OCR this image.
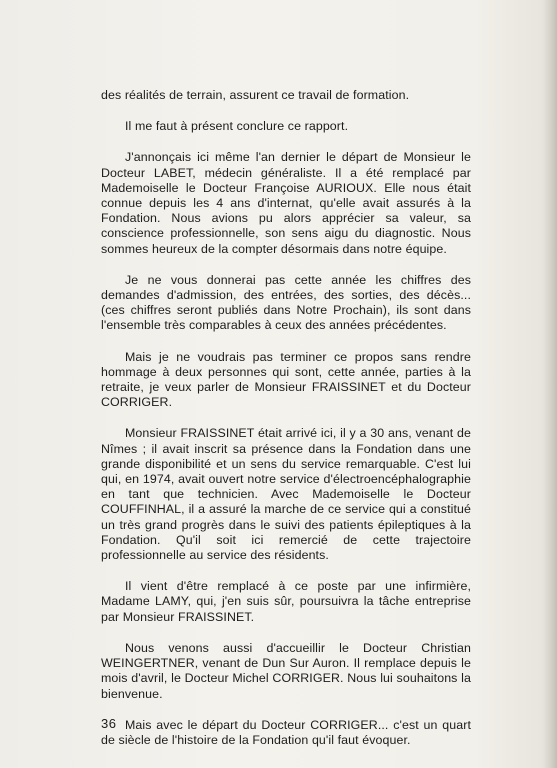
des réalités de terrain, assurent ce travail de formation.

Il me faut à présent conclure ce rapport.

J'annonçais ici même l'an dernier le départ de Monsieur le Docteur LABET, médecin généraliste. Il a été remplacé par Mademoiselle le Docteur Françoise AURIOUX. Elle nous était connue depuis les 4 ans d'internat, qu'elle avait assurés à la Fondation. Nous avions pu alors apprécier sa valeur, sa conscience professionnelle, son sens aigu du diagnostic. Nous sommes heureux de la compter désormais dans notre équipe.

Je ne vous donnerai pas cette année les chiffres des demandes d'admission, des entrées, des sorties, des décès... (ces chiffres seront publiés dans Notre Prochain), ils sont dans l'ensemble très comparables à ceux des années précédentes.

Mais je ne voudrais pas terminer ce propos sans rendre hommage à deux personnes qui sont, cette année, parties à la retraite, je veux parler de Monsieur FRAISSINET et du Docteur CORRIGER.

Monsieur FRAISSINET était arrivé ici, il y a 30 ans, venant de Nîmes ; il avait inscrit sa présence dans la Fondation dans une grande disponibilité et un sens du service remarquable. C'est lui qui, en 1974, avait ouvert notre service d'électroencéphalographie en tant que technicien. Avec Mademoiselle le Docteur COUFFINHAL, il a assuré la marche de ce service qui a constitué un très grand progrès dans le suivi des patients épileptiques à la Fondation. Qu'il soit ici remercié de cette trajectoire professionnelle au service des résidents.

Il vient d'être remplacé à ce poste par une infirmière, Madame LAMY, qui, j'en suis sûr, poursuivra la tâche entreprise par Monsieur FRAISSINET.

Nous venons aussi d'accueillir le Docteur Christian WEINGERTNER, venant de Dun Sur Auron. Il remplace depuis le mois d'avril, le Docteur Michel CORRIGER. Nous lui souhaitons la bienvenue.

Mais avec le départ du Docteur CORRIGER... c'est un quart de siècle de l'histoire de la Fondation qu'il faut évoquer.

36
